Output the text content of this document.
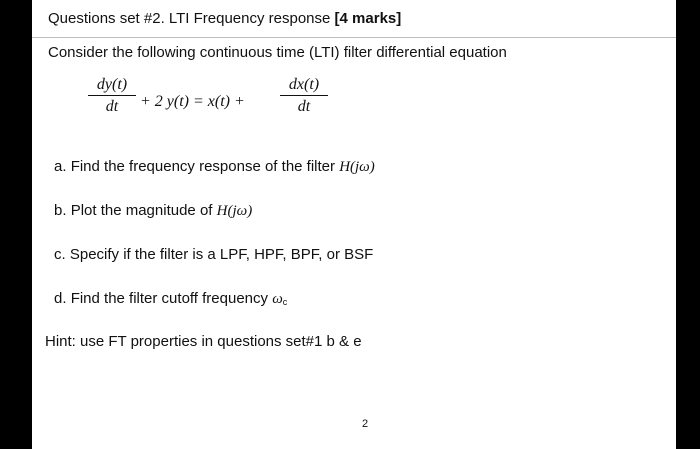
Questions set #2. LTI Frequency response [4 marks]
Consider the following continuous time (LTI) filter differential equation
dy(t)
dt	+ 2 y(t) = x(t) +
dx(t)
dt
a. Find the frequency response of the filter H(jω)
b. Plot the magnitude of H(jω)
c. Specify if the filter is a LPF, HPF, BPF, or BSF
d. Find the filter cutoff frequency ωc
Hint: use FT properties in questions set#1 b & e
2
